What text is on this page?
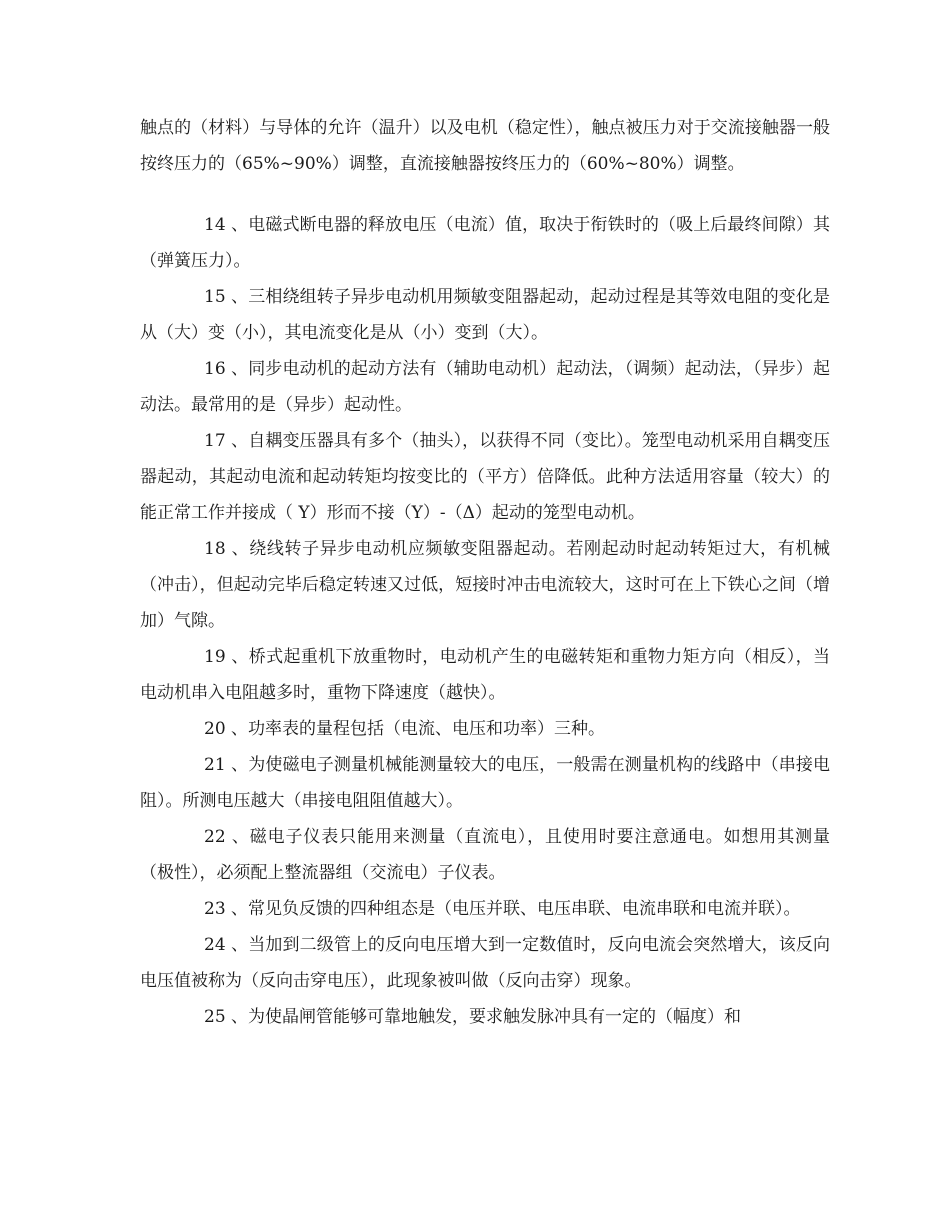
触点的（材料）与导体的允许（温升）以及电机（稳定性），触点被压力对于交流接触器一般按终压力的（65%~90%）调整，直流接触器按终压力的（60%~80%）调整。

14 、电磁式断电器的释放电压（电流）值，取决于衔铁时的（吸上后最终间隙）其（弹簧压力）。

15 、三相绕组转子异步电动机用频敏变阻器起动，起动过程是其等效电阻的变化是从（大）变（小），其电流变化是从（小）变到（大）。

16 、同步电动机的起动方法有（辅助电动机）起动法，（调频）起动法，（异步）起动法。最常用的是（异步）起动性。

17 、自耦变压器具有多个（抽头），以获得不同（变比）。笼型电动机采用自耦变压器起动，其起动电流和起动转矩均按变比的（平方）倍降低。此种方法适用容量（较大）的能正常工作并接成（ Y）形而不接（Y）-（Δ）起动的笼型电动机。

18 、绕线转子异步电动机应频敏变阻器起动。若刚起动时起动转矩过大，有机械（冲击），但起动完毕后稳定转速又过低，短接时冲击电流较大，这时可在上下铁心之间（增加）气隙。

19 、桥式起重机下放重物时，电动机产生的电磁转矩和重物力矩方向（相反），当电动机串入电阻越多时，重物下降速度（越快）。

20 、功率表的量程包括（电流、电压和功率）三种。

21 、为使磁电子测量机械能测量较大的电压，一般需在测量机构的线路中（串接电阻）。所测电压越大（串接电阻阻值越大）。

22 、磁电子仪表只能用来测量（直流电），且使用时要注意通电。如想用其测量（极性），必须配上整流器组（交流电）子仪表。

23 、常见负反馈的四种组态是（电压并联、电压串联、电流串联和电流并联）。

24 、当加到二级管上的反向电压增大到一定数值时，反向电流会突然增大，该反向电压值被称为（反向击穿电压），此现象被叫做（反向击穿）现象。

25 、为使晶闸管能够可靠地触发，要求触发脉冲具有一定的（幅度）和
